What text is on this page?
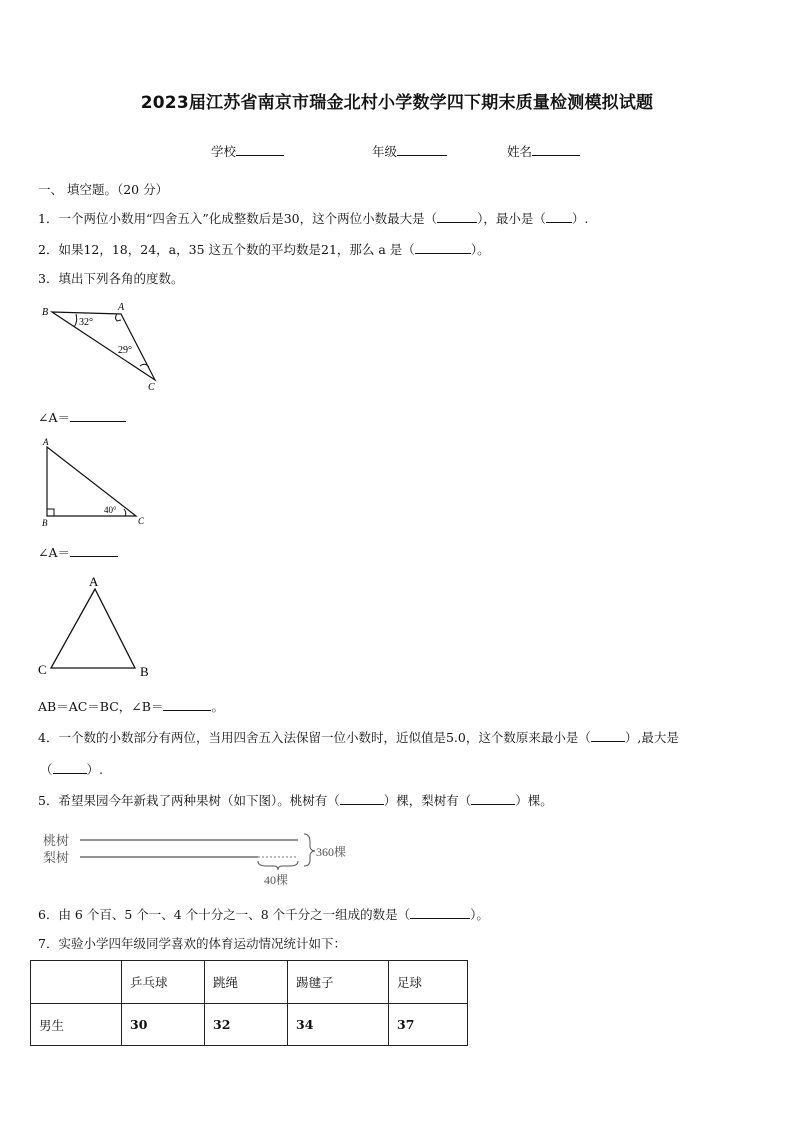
2023届江苏省南京市瑞金北村小学数学四下期末质量检测模拟试题
学校	年级	姓名
一、 填空题。（20 分）
1．一个两位小数用“四舍五入”化成整数后是30，这个两位小数最大是（	），最小是（ ）.
2．如果12，18，24，a，35 这五个数的平均数是21，那么 a 是（	）。
3．填出下列各角的度数。
B	A
C
32°
29°
∠A＝
A
B	C
40°
∠A＝
A
C	B
AB＝AC＝BC，∠B＝	。
4．一个数的小数部分有两位，当用四舍五入法保留一位小数时，近似值是5.0，这个数原来最小是（	）,最大是
（	）.
5．希望果园今年新栽了两种果树（如下图）。桃树有（	）棵，梨树有（	）棵。
桃树
梨树	360棵
40棵
6．由 6 个百、5 个一、4 个十分之一、8 个千分之一组成的数是（	）。
7．实验小学四年级同学喜欢的体育运动情况统计如下：
	乒乓球	跳绳	踢毽子	足球
男生	30	32	34	37
